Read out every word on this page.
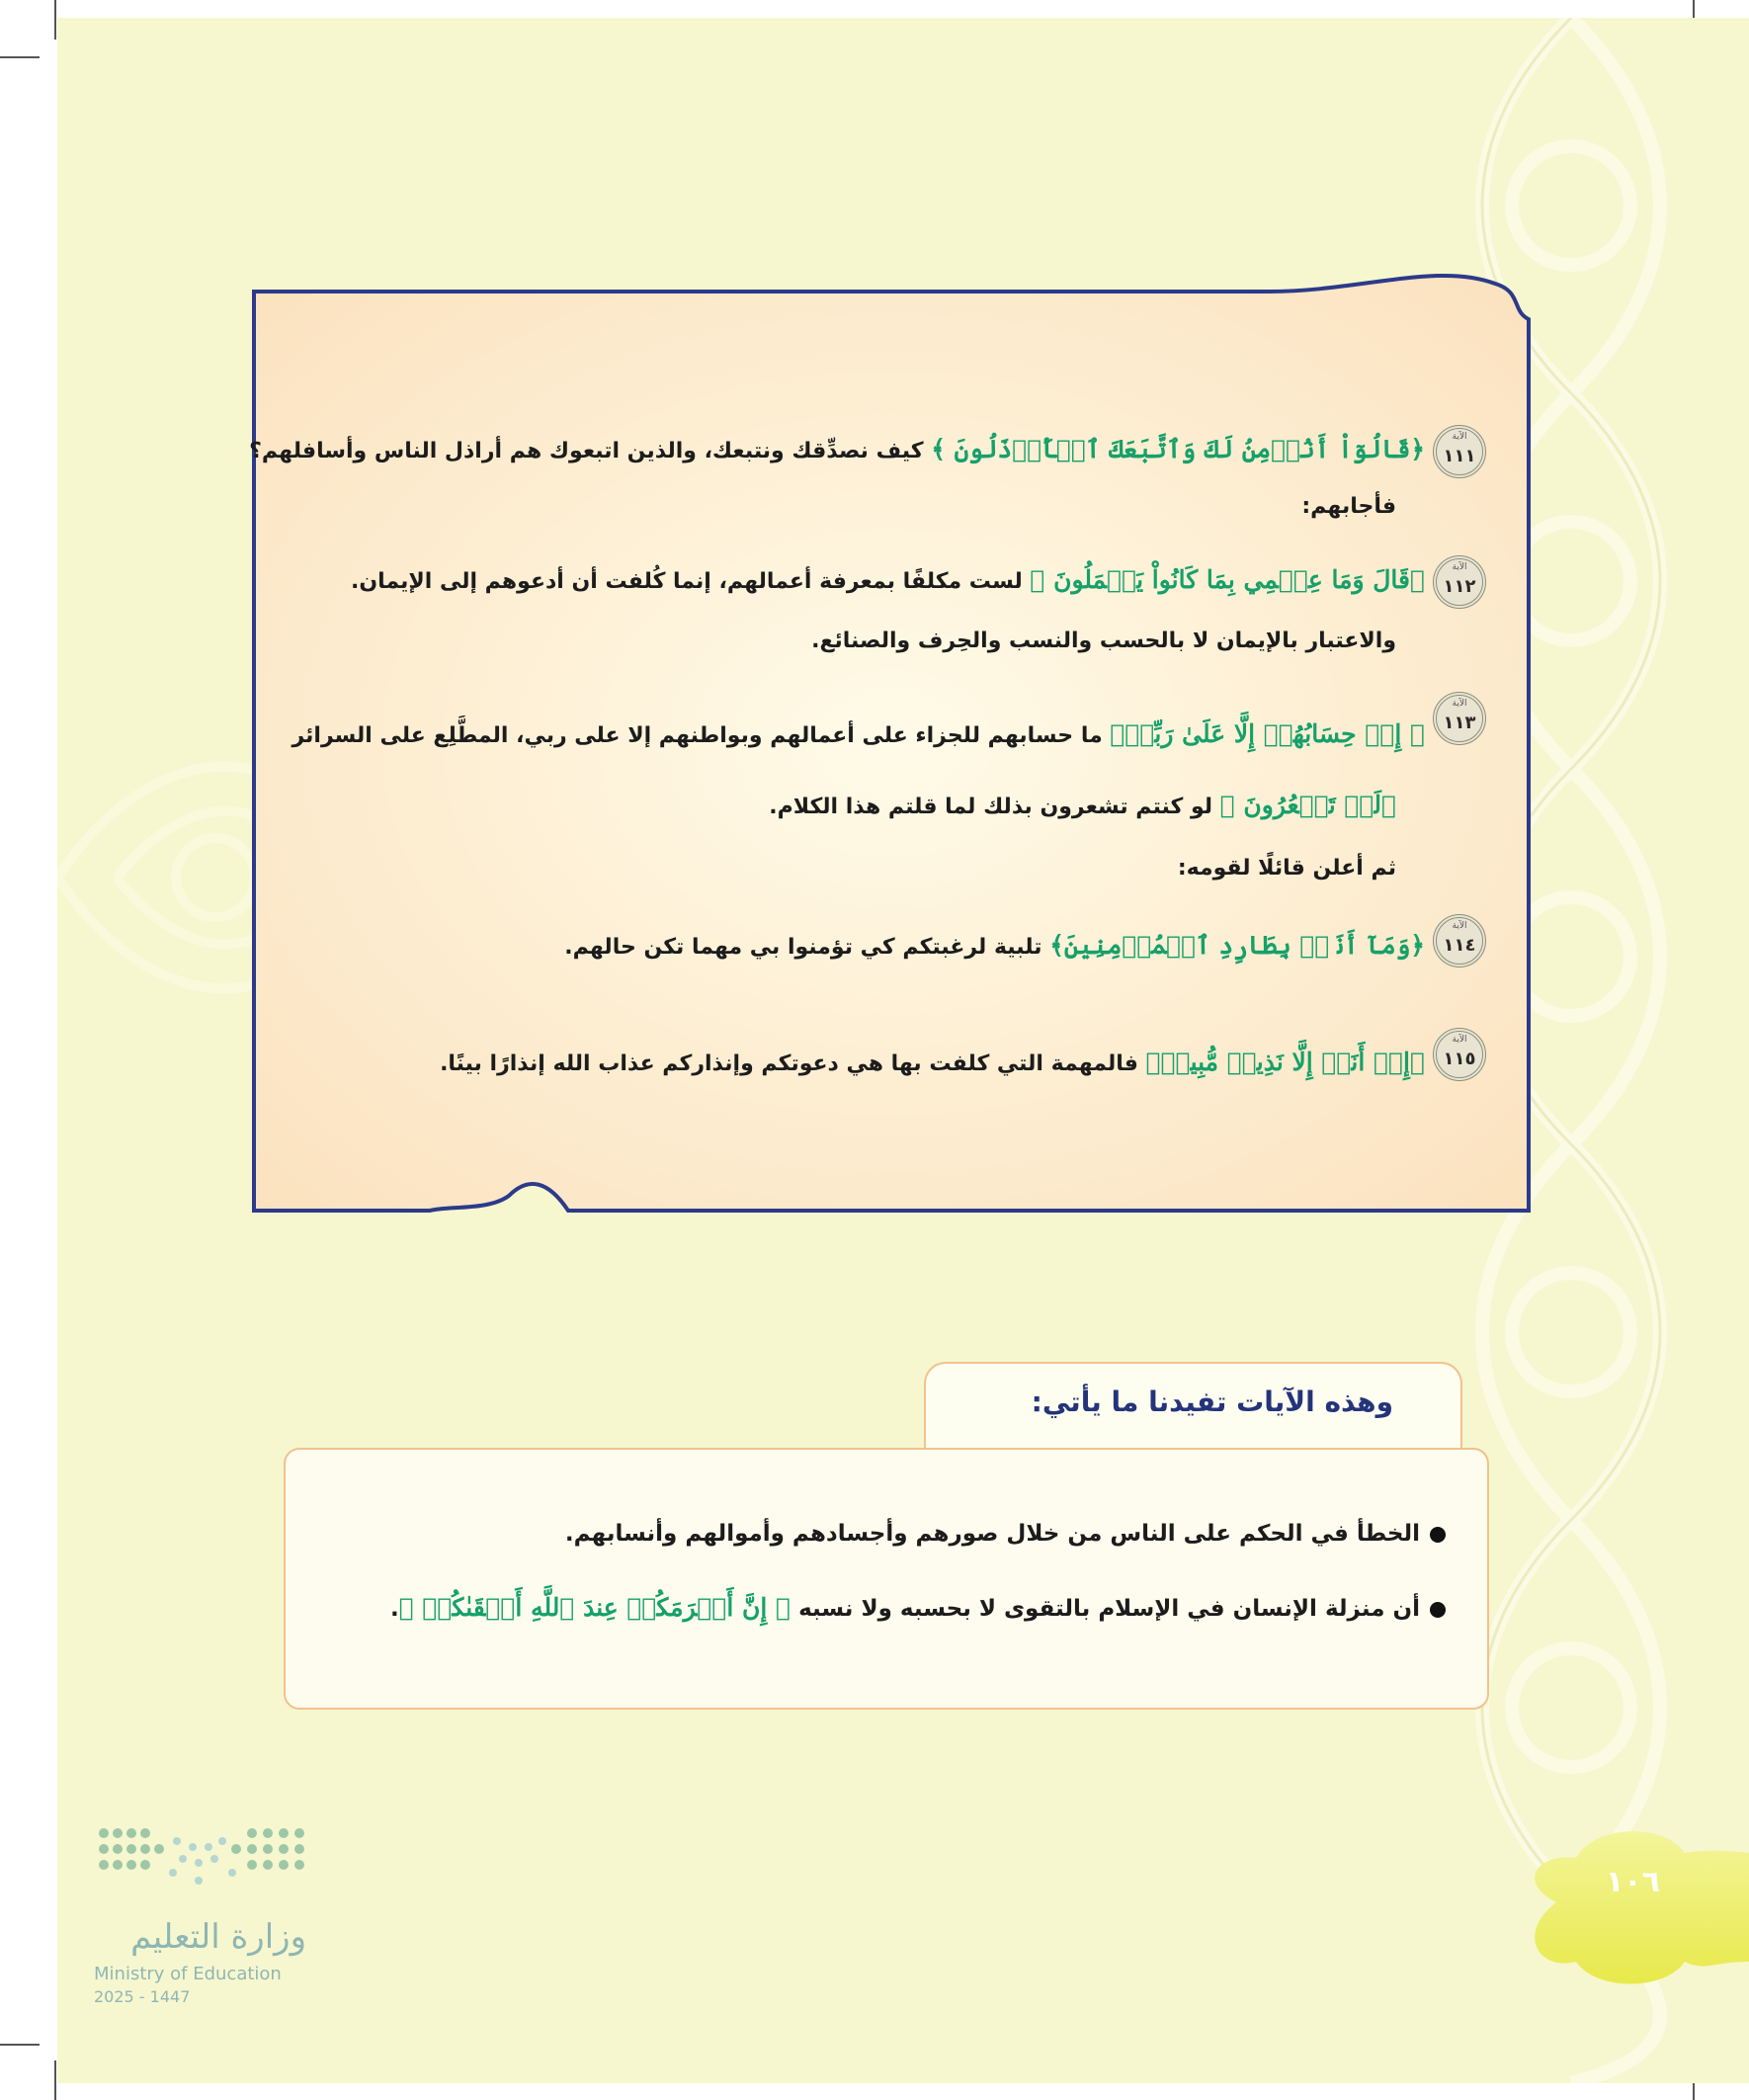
الآية
١١١
﴿قَالُوٓاْ أَنُؤۡمِنُ لَكَ وَٱتَّبَعَكَ ٱلۡأَرۡذَلُونَ ﴾ كيف نصدِّقك ونتبعك، والذين اتبعوك هم أراذل الناس وأسافلهم؟
فأجابهم:
الآية
١١٢
﴿قَالَ وَمَا عِلۡمِي بِمَا كَانُواْ يَعۡمَلُونَ ﴾ لست مكلفًا بمعرفة أعمالهم، إنما كُلفت أن أدعوهم إلى الإيمان.
والاعتبار بالإيمان لا بالحسب والنسب والحِرف والصنائع.
الآية
١١٣
﴿ إِنۡ حِسَابُهُمۡ إِلَّا عَلَىٰ رَبِّيۖ﴾ ما حسابهم للجزاء على أعمالهم وبواطنهم إلا على ربي، المطَّلِع على السرائر
﴿لَوۡ تَشۡعُرُونَ ﴾ لو كنتم تشعرون بذلك لما قلتم هذا الكلام.
ثم أعلن قائلًا لقومه:
الآية
١١٤
﴿وَمَآ أَنَا۠ بِطَارِدِ ٱلۡمُؤۡمِنِينَ﴾ تلبية لرغبتكم كي تؤمنوا بي مهما تكن حالهم.
الآية
١١٥
﴿إِنۡ أَنَا۠ إِلَّا نَذِيرٞ مُّبِينٞ﴾ فالمهمة التي كلفت بها هي دعوتكم وإنذاركم عذاب الله إنذارًا بينًا.
وهذه الآيات تفيدنا ما يأتي:
الخطأ في الحكم على الناس من خلال صورهم وأجسادهم وأموالهم وأنسابهم.
أن منزلة الإنسان في الإسلام بالتقوى لا بحسبه ولا نسبه ﴿ إِنَّ أَكۡرَمَكُمۡ عِندَ ٱللَّهِ أَتۡقَىٰكُمۡ ﴾.
١٠٦
وزارة التعليم
Ministry of Education
2025 - 1447
